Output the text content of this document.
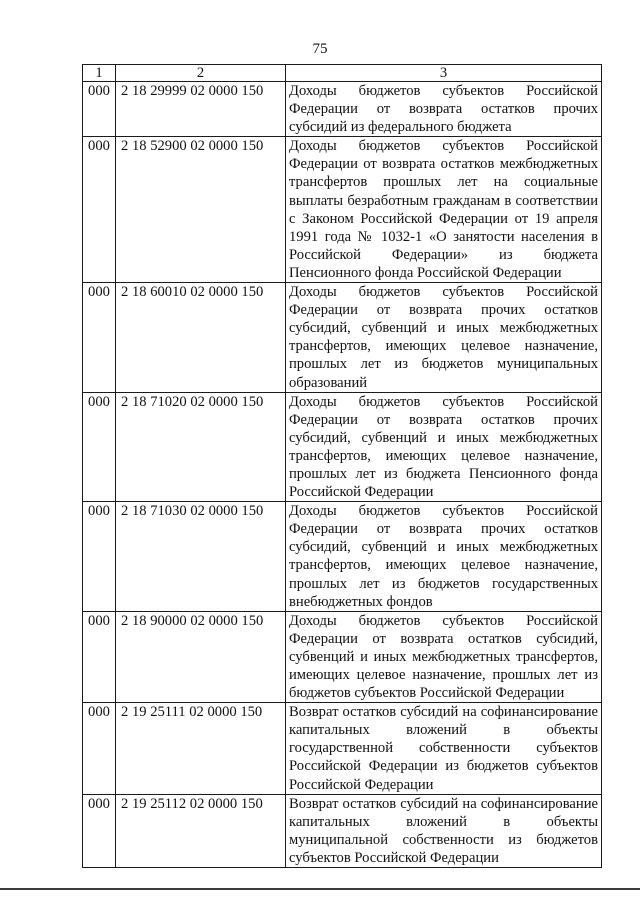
75
1	2	3
000	2 18 29999 02 0000 150	Доходы бюджетов субъектов Российской Федерации от возврата остатков прочих субсидий из федерального бюджета
000	2 18 52900 02 0000 150	Доходы бюджетов субъектов Российской Федерации от возврата остатков межбюджетных трансфертов прошлых лет на социальные выплаты безработным гражданам в соответствии с Законом Российской Федерации от 19 апреля 1991 года № 1032-1 «О занятости населения в Российской Федерации» из бюджета Пенсионного фонда Российской Федерации
000	2 18 60010 02 0000 150	Доходы бюджетов субъектов Российской Федерации от возврата прочих остатков субсидий, субвенций и иных межбюджетных трансфертов, имеющих целевое назначение, прошлых лет из бюджетов муниципальных образований
000	2 18 71020 02 0000 150	Доходы бюджетов субъектов Российской Федерации от возврата остатков прочих субсидий, субвенций и иных межбюджетных трансфертов, имеющих целевое назначение, прошлых лет из бюджета Пенсионного фонда Российской Федерации
000	2 18 71030 02 0000 150	Доходы бюджетов субъектов Российской Федерации от возврата прочих остатков субсидий, субвенций и иных межбюджетных трансфертов, имеющих целевое назначение, прошлых лет из бюджетов государственных внебюджетных фондов
000	2 18 90000 02 0000 150	Доходы бюджетов субъектов Российской Федерации от возврата остатков субсидий, субвенций и иных межбюджетных трансфертов, имеющих целевое назначение, прошлых лет из бюджетов субъектов Российской Федерации
000	2 19 25111 02 0000 150	Возврат остатков субсидий на софинансирование капитальных вложений в объекты государственной собственности субъектов Российской Федерации из бюджетов субъектов Российской Федерации
000	2 19 25112 02 0000 150	Возврат остатков субсидий на софинансирование капитальных вложений в объекты муниципальной собственности из бюджетов субъектов Российской Федерации
